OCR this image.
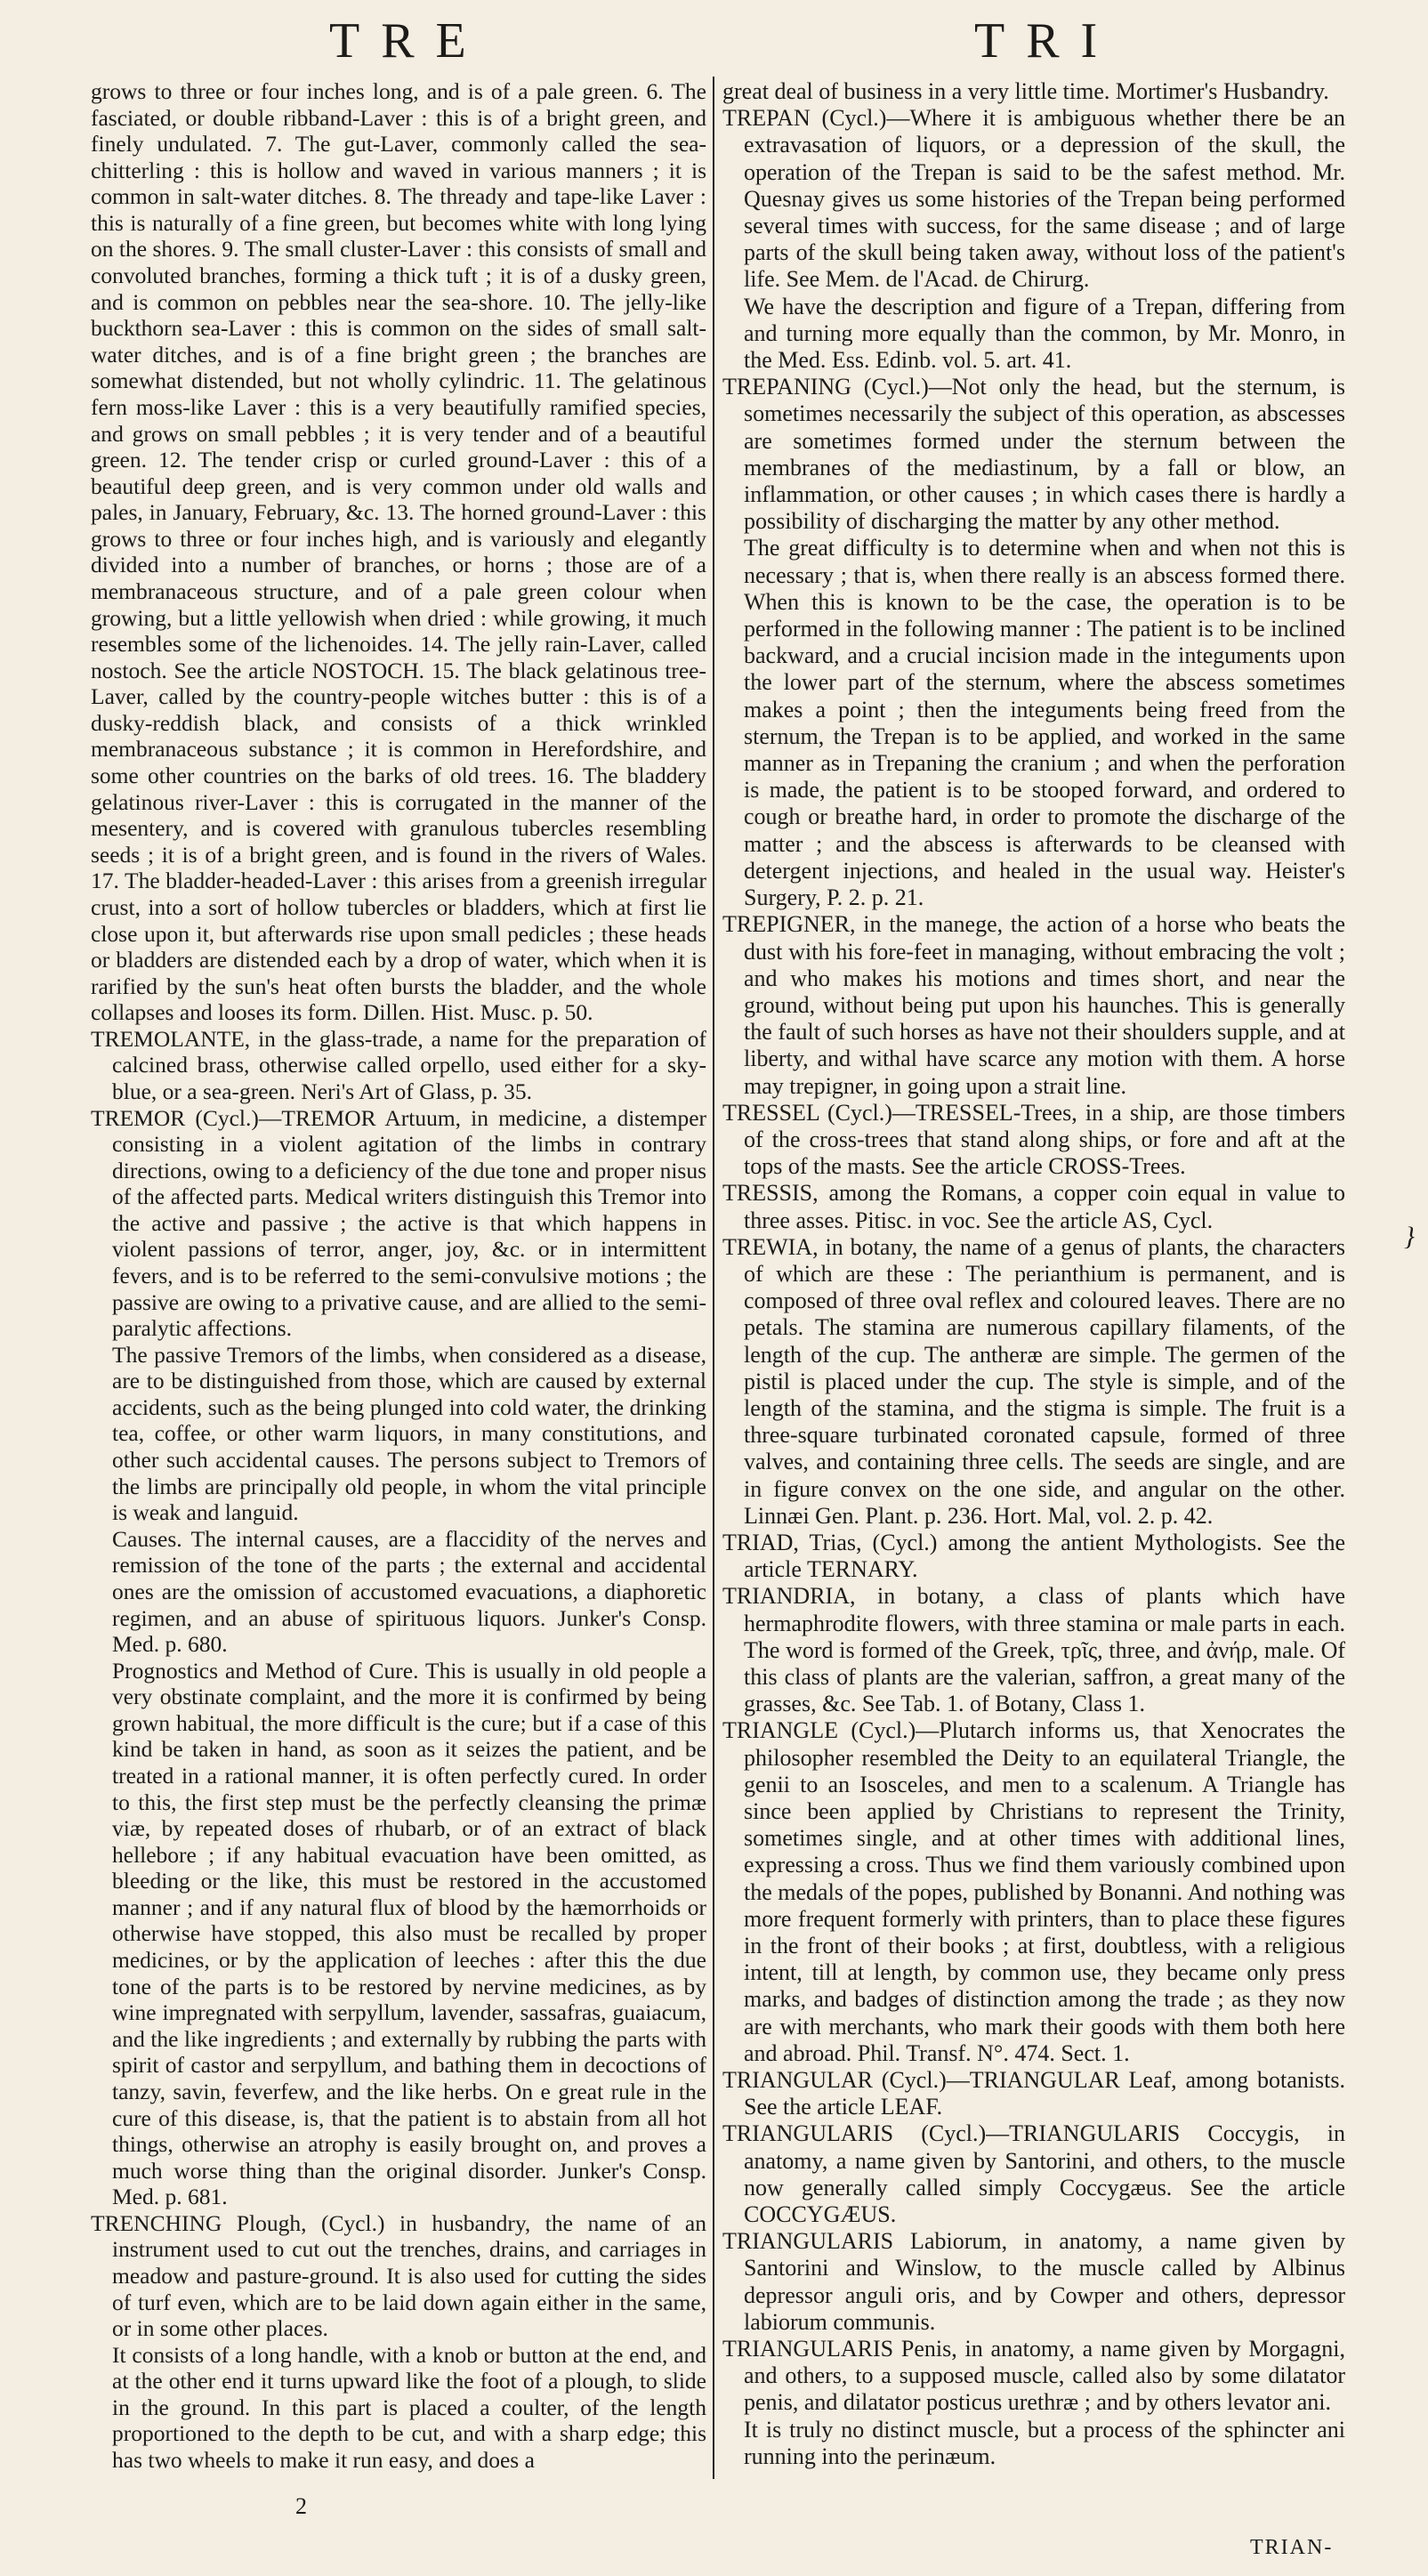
TRE	TRI

grows to three or four inches long, and is of a pale green. 6. The fasciated, or double ribband-Laver : this is of a bright green, and finely undulated. 7. The gut-Laver, commonly called the sea-chitterling : this is hollow and waved in various manners ; it is common in salt-water ditches. 8. The thready and tape-like Laver : this is naturally of a fine green, but becomes white with long lying on the shores. 9. The small cluster-Laver : this consists of small and convoluted branches, forming a thick tuft ; it is of a dusky green, and is common on pebbles near the sea-shore. 10. The jelly-like buckthorn sea-Laver : this is common on the sides of small salt-water ditches, and is of a fine bright green ; the branches are somewhat distended, but not wholly cylindric. 11. The gelatinous fern moss-like Laver : this is a very beautifully ramified species, and grows on small pebbles ; it is very tender and of a beautiful green. 12. The tender crisp or curled ground-Laver : this of a beautiful deep green, and is very common under old walls and pales, in January, February, &c. 13. The horned ground-Laver : this grows to three or four inches high, and is variously and elegantly divided into a number of branches, or horns ; those are of a membranaceous structure, and of a pale green colour when growing, but a little yellowish when dried : while growing, it much resembles some of the lichenoides. 14. The jelly rain-Laver, called nostoch. See the article NOSTOCH. 15. The black gelatinous tree-Laver, called by the country-people witches butter : this is of a dusky-reddish black, and consists of a thick wrinkled membranaceous substance ; it is common in Herefordshire, and some other countries on the barks of old trees. 16. The bladdery gelatinous river-Laver : this is corrugated in the manner of the mesentery, and is covered with granulous tubercles resembling seeds ; it is of a bright green, and is found in the rivers of Wales. 17. The bladder-headed-Laver : this arises from a greenish irregular crust, into a sort of hollow tubercles or bladders, which at first lie close upon it, but afterwards rise upon small pedicles ; these heads or bladders are distended each by a drop of water, which when it is rarified by the sun's heat often bursts the bladder, and the whole collapses and looses its form. Dillen. Hist. Musc. p. 50.

TREMOLANTE, in the glass-trade, a name for the preparation of calcined brass, otherwise called orpello, used either for a sky-blue, or a sea-green. Neri's Art of Glass, p. 35.

TREMOR (Cycl.)—TREMOR Artuum, in medicine, a distemper consisting in a violent agitation of the limbs in contrary directions, owing to a deficiency of the due tone and proper nisus of the affected parts. Medical writers distinguish this Tremor into the active and passive ; the active is that which happens in violent passions of terror, anger, joy, &c. or in intermittent fevers, and is to be referred to the semi-convulsive motions ; the passive are owing to a privative cause, and are allied to the semi-paralytic affections.

The passive Tremors of the limbs, when considered as a disease, are to be distinguished from those, which are caused by external accidents, such as the being plunged into cold water, the drinking tea, coffee, or other warm liquors, in many constitutions, and other such accidental causes. The persons subject to Tremors of the limbs are principally old people, in whom the vital principle is weak and languid.

Causes. The internal causes, are a flaccidity of the nerves and remission of the tone of the parts ; the external and accidental ones are the omission of accustomed evacuations, a diaphoretic regimen, and an abuse of spirituous liquors. Junker's Consp. Med. p. 680.

Prognostics and Method of Cure. This is usually in old people a very obstinate complaint, and the more it is confirmed by being grown habitual, the more difficult is the cure; but if a case of this kind be taken in hand, as soon as it seizes the patient, and be treated in a rational manner, it is often perfectly cured. In order to this, the first step must be the perfectly cleansing the primæ viæ, by repeated doses of rhubarb, or of an extract of black hellebore ; if any habitual evacuation have been omitted, as bleeding or the like, this must be restored in the accustomed manner ; and if any natural flux of blood by the hæmorrhoids or otherwise have stopped, this also must be recalled by proper medicines, or by the application of leeches : after this the due tone of the parts is to be restored by nervine medicines, as by wine impregnated with serpyllum, lavender, sassafras, guaiacum, and the like ingredients ; and externally by rubbing the parts with spirit of castor and serpyllum, and bathing them in decoctions of tanzy, savin, feverfew, and the like herbs. On e great rule in the cure of this disease, is, that the patient is to abstain from all hot things, otherwise an atrophy is easily brought on, and proves a much worse thing than the original disorder. Junker's Consp. Med. p. 681.

TRENCHING Plough, (Cycl.) in husbandry, the name of an instrument used to cut out the trenches, drains, and carriages in meadow and pasture-ground. It is also used for cutting the sides of turf even, which are to be laid down again either in the same, or in some other places.

It consists of a long handle, with a knob or button at the end, and at the other end it turns upward like the foot of a plough, to slide in the ground. In this part is placed a coulter, of the length proportioned to the depth to be cut, and with a sharp edge; this has two wheels to make it run easy, and does a

great deal of business in a very little time. Mortimer's Husbandry.

TREPAN (Cycl.)—Where it is ambiguous whether there be an extravasation of liquors, or a depression of the skull, the operation of the Trepan is said to be the safest method. Mr. Quesnay gives us some histories of the Trepan being performed several times with success, for the same disease ; and of large parts of the skull being taken away, without loss of the patient's life. See Mem. de l'Acad. de Chirurg.

We have the description and figure of a Trepan, differing from and turning more equally than the common, by Mr. Monro, in the Med. Ess. Edinb. vol. 5. art. 41.

TREPANING (Cycl.)—Not only the head, but the sternum, is sometimes necessarily the subject of this operation, as abscesses are sometimes formed under the sternum between the membranes of the mediastinum, by a fall or blow, an inflammation, or other causes ; in which cases there is hardly a possibility of discharging the matter by any other method.

The great difficulty is to determine when and when not this is necessary ; that is, when there really is an abscess formed there. When this is known to be the case, the operation is to be performed in the following manner : The patient is to be inclined backward, and a crucial incision made in the integuments upon the lower part of the sternum, where the abscess sometimes makes a point ; then the integuments being freed from the sternum, the Trepan is to be applied, and worked in the same manner as in Trepaning the cranium ; and when the perforation is made, the patient is to be stooped forward, and ordered to cough or breathe hard, in order to promote the discharge of the matter ; and the abscess is afterwards to be cleansed with detergent injections, and healed in the usual way. Heister's Surgery, P. 2. p. 21.

TREPIGNER, in the manege, the action of a horse who beats the dust with his fore-feet in managing, without embracing the volt ; and who makes his motions and times short, and near the ground, without being put upon his haunches. This is generally the fault of such horses as have not their shoulders supple, and at liberty, and withal have scarce any motion with them. A horse may trepigner, in going upon a strait line.

TRESSEL (Cycl.)—TRESSEL-Trees, in a ship, are those timbers of the cross-trees that stand along ships, or fore and aft at the tops of the masts. See the article CROSS-Trees.

TRESSIS, among the Romans, a copper coin equal in value to three asses. Pitisc. in voc. See the article AS, Cycl.

TREWIA, in botany, the name of a genus of plants, the characters of which are these : The perianthium is permanent, and is composed of three oval reflex and coloured leaves. There are no petals. The stamina are numerous capillary filaments, of the length of the cup. The antheræ are simple. The germen of the pistil is placed under the cup. The style is simple, and of the length of the stamina, and the stigma is simple. The fruit is a three-square turbinated coronated capsule, formed of three valves, and containing three cells. The seeds are single, and are in figure convex on the one side, and angular on the other. Linnæi Gen. Plant. p. 236. Hort. Mal, vol. 2. p. 42.

TRIAD, Trias, (Cycl.) among the antient Mythologists. See the article TERNARY.

TRIANDRIA, in botany, a class of plants which have hermaphrodite flowers, with three stamina or male parts in each. The word is formed of the Greek, τρῖς, three, and ἀνήρ, male. Of this class of plants are the valerian, saffron, a great many of the grasses, &c. See Tab. 1. of Botany, Class 1.

TRIANGLE (Cycl.)—Plutarch informs us, that Xenocrates the philosopher resembled the Deity to an equilateral Triangle, the genii to an Isosceles, and men to a scalenum. A Triangle has since been applied by Christians to represent the Trinity, sometimes single, and at other times with additional lines, expressing a cross. Thus we find them variously combined upon the medals of the popes, published by Bonanni. And nothing was more frequent formerly with printers, than to place these figures in the front of their books ; at first, doubtless, with a religious intent, till at length, by common use, they became only press marks, and badges of distinction among the trade ; as they now are with merchants, who mark their goods with them both here and abroad. Phil. Transf. N°. 474. Sect. 1.

TRIANGULAR (Cycl.)—TRIANGULAR Leaf, among botanists. See the article LEAF.

TRIANGULARIS (Cycl.)—TRIANGULARIS Coccygis, in anatomy, a name given by Santorini, and others, to the muscle now generally called simply Coccygæus. See the article COCCYGÆUS.

TRIANGULARIS Labiorum, in anatomy, a name given by Santorini and Winslow, to the muscle called by Albinus depressor anguli oris, and by Cowper and others, depressor labiorum communis.

TRIANGULARIS Penis, in anatomy, a name given by Morgagni, and others, to a supposed muscle, called also by some dilatator penis, and dilatator posticus urethræ ; and by others levator ani.

It is truly no distinct muscle, but a process of the sphincter ani running into the perinæum.

}
2
TRIAN-
